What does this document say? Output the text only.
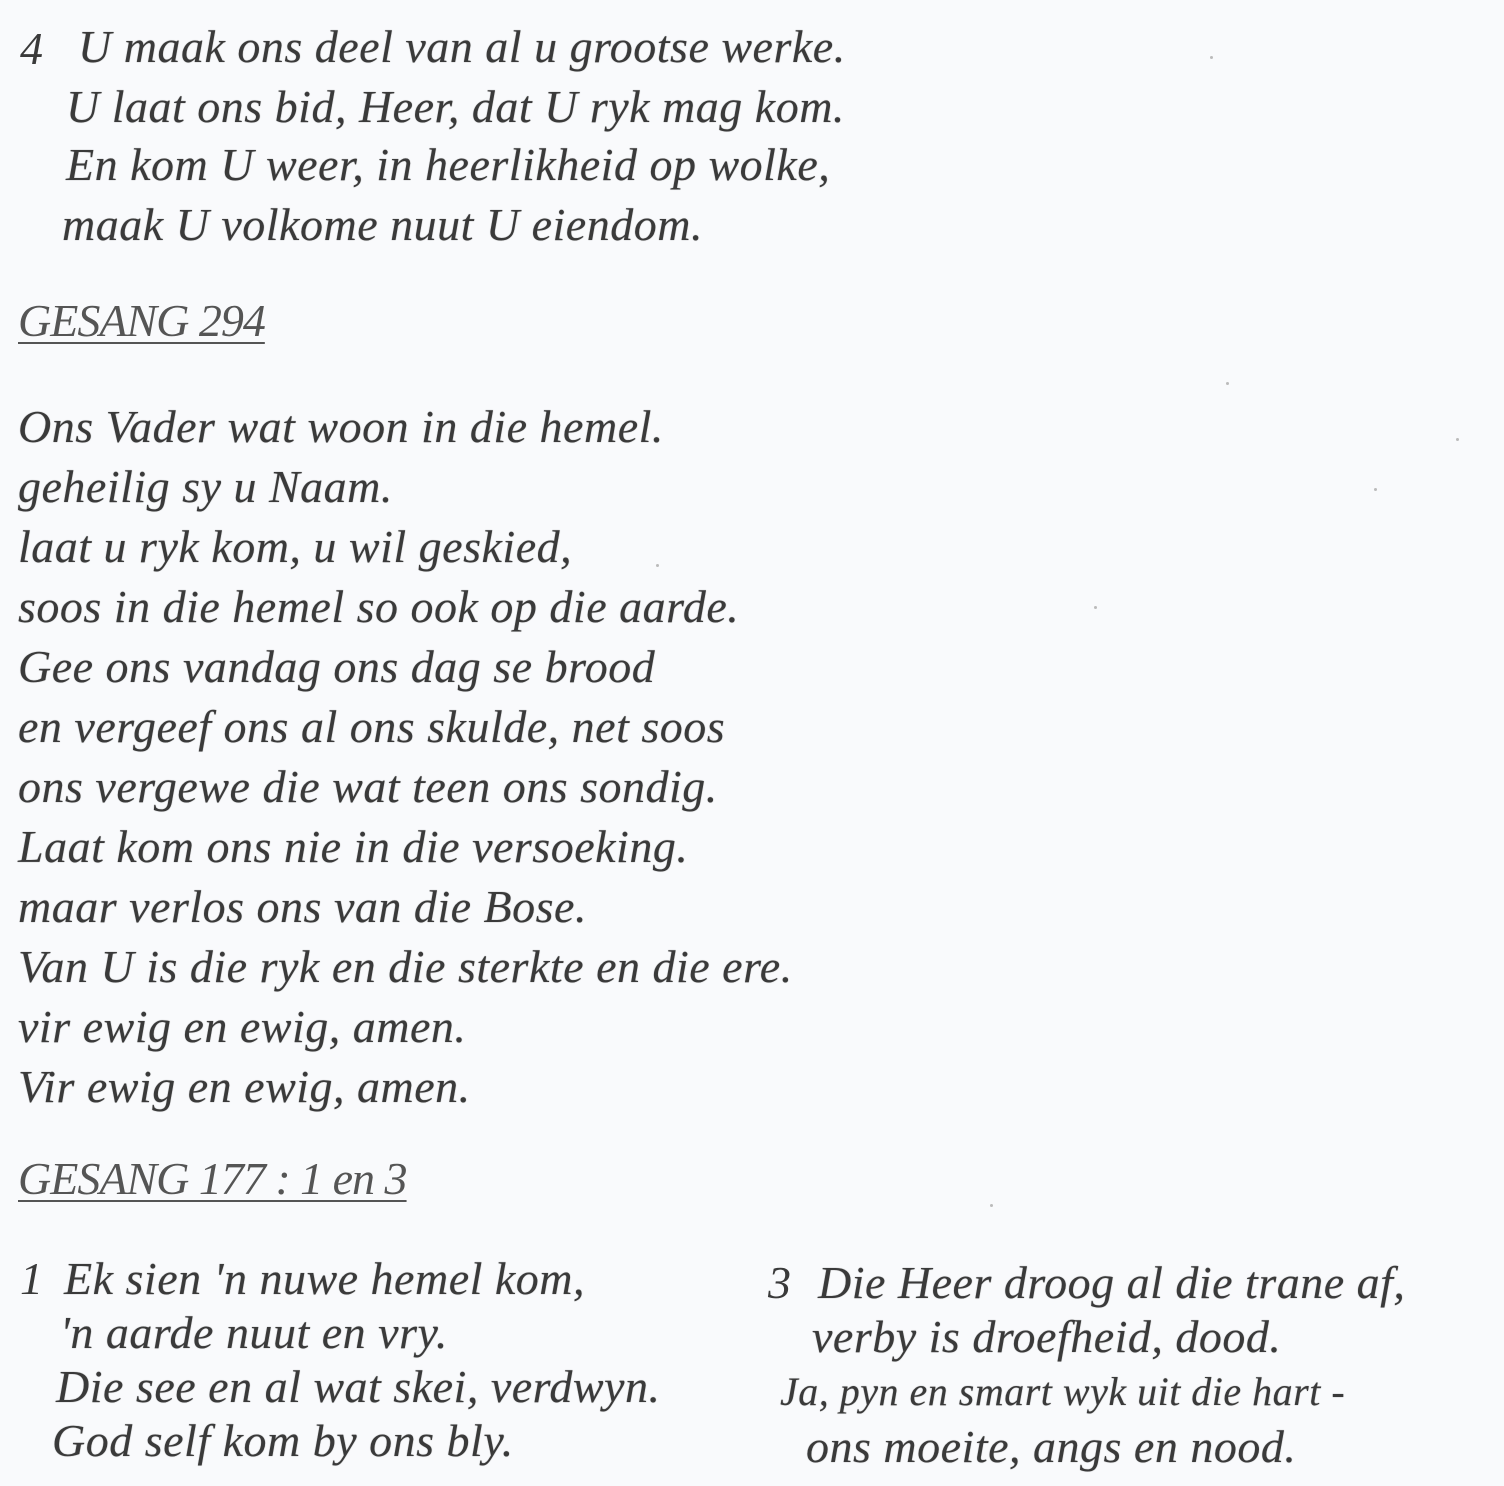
4 U maak ons deel van al u grootse werke.
U laat ons bid, Heer, dat U ryk mag kom.
En kom U weer, in heerlikheid op wolke,
maak U volkome nuut U eiendom.
GESANG 294
Ons Vader wat woon in die hemel.
geheilig sy u Naam.
laat u ryk kom, u wil geskied,
soos in die hemel so ook op die aarde.
Gee ons vandag ons dag se brood
en vergeef ons al ons skulde, net soos
ons vergewe die wat teen ons sondig.
Laat kom ons nie in die versoeking.
maar verlos ons van die Bose.
Van U is die ryk en die sterkte en die ere.
vir ewig en ewig, amen.
Vir ewig en ewig, amen.
GESANG 177 : 1 en 3
1 Ek sien 'n nuwe hemel kom,
'n aarde nuut en vry.
Die see en al wat skei, verdwyn.
God self kom by ons bly.
3 Die Heer droog al die trane af,
verby is droefheid, dood.
Ja, pyn en smart wyk uit die hart -
ons moeite, angs en nood.
